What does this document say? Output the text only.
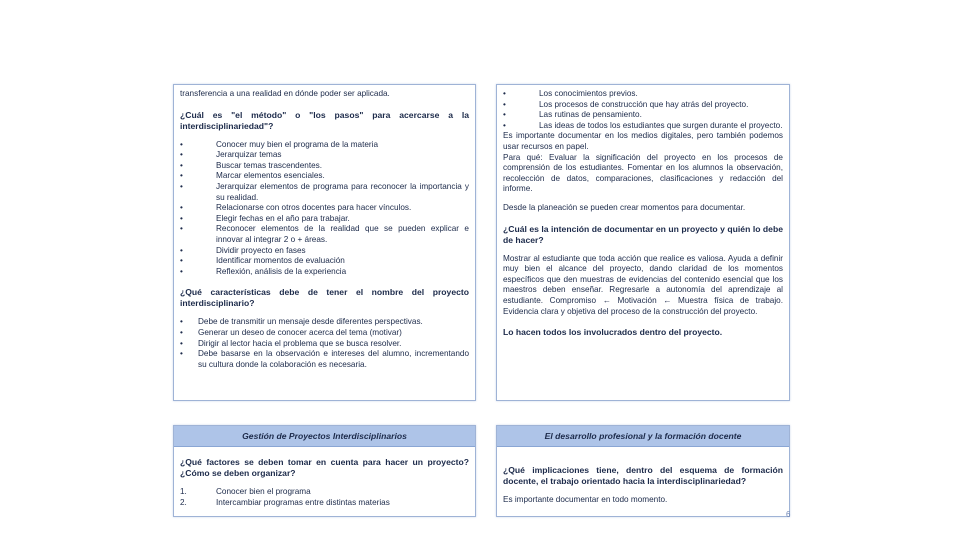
transferencia a una realidad en dónde poder ser aplicada.

¿Cuál es "el método" o "los pasos" para acercarse a la interdisciplinariedad"?

•	Conocer muy bien el programa de la materia
•	Jerarquizar temas
•	Buscar temas trascendentes.
•	Marcar elementos esenciales.
•	Jerarquizar elementos de programa para reconocer la importancia y su realidad.
•	Relacionarse con otros docentes para hacer vínculos.
•	Elegir fechas en el año para trabajar.
•	Reconocer elementos de la realidad que se pueden explicar e innovar al integrar 2 o + áreas.
•	Dividir proyecto en fases
•	Identificar momentos de evaluación
•	Reflexión, análisis de la experiencia

¿Qué características debe de tener el nombre del proyecto interdisciplinario?

• Debe de transmitir un mensaje desde diferentes perspectivas.
• Generar un deseo de conocer acerca del tema (motivar)
• Dirigir al lector hacia el problema que se busca resolver.
• Debe basarse en la observación e intereses del alumno, incrementando su cultura donde la colaboración es necesaria.
•	Los conocimientos previos.
•	Los procesos de construcción que hay atrás del proyecto.
•	Las rutinas de pensamiento.
•	Las ideas de todos los estudiantes que surgen durante el proyecto.

Es importante documentar en los medios digitales, pero también podemos usar recursos en papel.

Para qué: Evaluar la significación del proyecto en los procesos de comprensión de los estudiantes. Fomentar en los alumnos la observación, recolección de datos, comparaciones, clasificaciones y redacción del informe.

Desde la planeación se pueden crear momentos para documentar.

¿Cuál es la intención de documentar en un proyecto y quién lo debe de hacer?

Mostrar al estudiante que toda acción que realice es valiosa. Ayuda a definir muy bien el alcance del proyecto, dando claridad de los momentos específicos que den muestras de evidencias del contenido esencial que los maestros deben enseñar. Regresarle a autonomía del aprendizaje al estudiante. Compromiso ← Motivación ← Muestra física de trabajo. Evidencia clara y objetiva del proceso de la construcción del proyecto.

Lo hacen todos los involucrados dentro del proyecto.

Gestión de Proyectos Interdisciplinarios

¿Qué factores se deben tomar en cuenta para hacer un proyecto? ¿Cómo se deben organizar?

1.	Conocer bien el programa
2.	Intercambiar programas entre distintas materias
El desarrollo profesional y la formación docente

¿Qué implicaciones tiene, dentro del esquema de formación docente, el trabajo orientado hacia la interdisciplinariedad?

Es importante documentar en todo momento.

6
